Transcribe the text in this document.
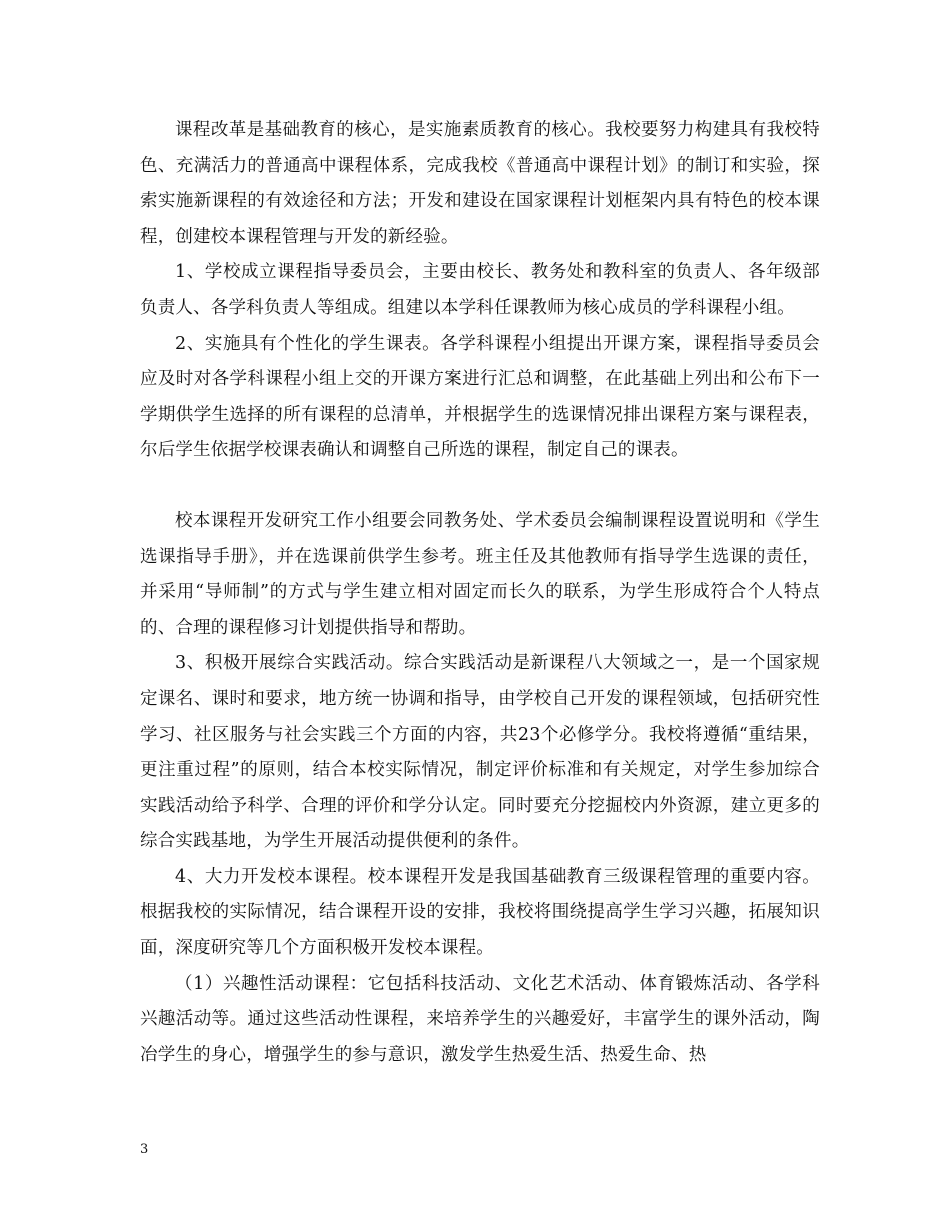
课程改革是基础教育的核心，是实施素质教育的核心。我校要努力构建具有我校特色、充满活力的普通高中课程体系，完成我校《普通高中课程计划》的制订和实验，探索实施新课程的有效途径和方法；开发和建设在国家课程计划框架内具有特色的校本课程，创建校本课程管理与开发的新经验。

1、学校成立课程指导委员会，主要由校长、教务处和教科室的负责人、各年级部负责人、各学科负责人等组成。组建以本学科任课教师为核心成员的学科课程小组。

2、实施具有个性化的学生课表。各学科课程小组提出开课方案，课程指导委员会应及时对各学科课程小组上交的开课方案进行汇总和调整，在此基础上列出和公布下一学期供学生选择的所有课程的总清单，并根据学生的选课情况排出课程方案与课程表，尔后学生依据学校课表确认和调整自己所选的课程，制定自己的课表。

校本课程开发研究工作小组要会同教务处、学术委员会编制课程设置说明和《学生选课指导手册》，并在选课前供学生参考。班主任及其他教师有指导学生选课的责任，并采用“导师制”的方式与学生建立相对固定而长久的联系，为学生形成符合个人特点的、合理的课程修习计划提供指导和帮助。

3、积极开展综合实践活动。综合实践活动是新课程八大领域之一，是一个国家规定课名、课时和要求，地方统一协调和指导，由学校自己开发的课程领域，包括研究性学习、社区服务与社会实践三个方面的内容，共23个必修学分。我校将遵循“重结果，更注重过程”的原则，结合本校实际情况，制定评价标准和有关规定，对学生参加综合实践活动给予科学、合理的评价和学分认定。同时要充分挖掘校内外资源，建立更多的综合实践基地，为学生开展活动提供便利的条件。

4、大力开发校本课程。校本课程开发是我国基础教育三级课程管理的重要内容。根据我校的实际情况，结合课程开设的安排，我校将围绕提高学生学习兴趣，拓展知识面，深度研究等几个方面积极开发校本课程。

（1）兴趣性活动课程：它包括科技活动、文化艺术活动、体育锻炼活动、各学科兴趣活动等。通过这些活动性课程，来培养学生的兴趣爱好，丰富学生的课外活动，陶冶学生的身心，增强学生的参与意识，激发学生热爱生活、热爱生命、热

3
